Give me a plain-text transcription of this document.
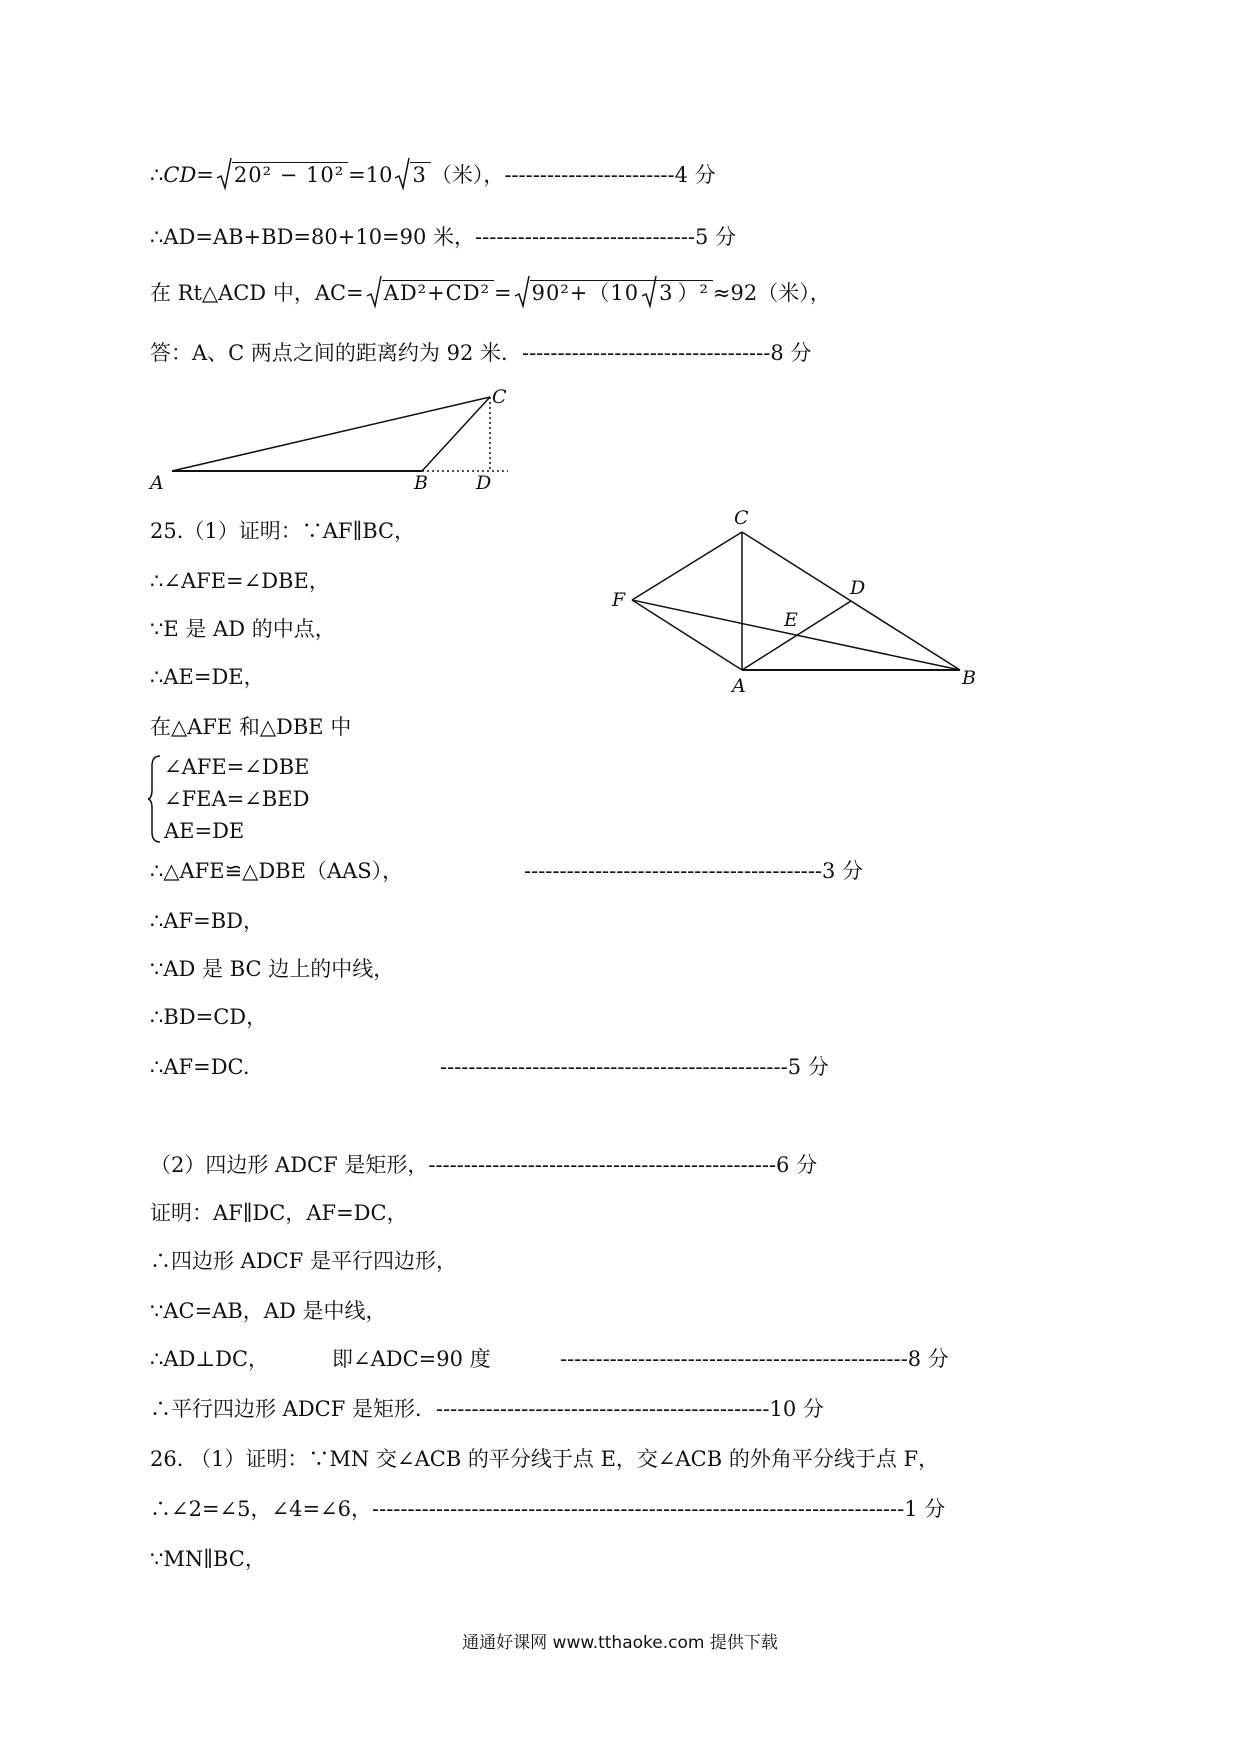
∴CD= 20² − 10² =10 3 （米），------------------------4 分
∴AD=AB+BD=80+10=90 米，-------------------------------5 分
在 Rt△ACD 中，AC= AD²+CD² = 90²+（10 3 ）² ≈92（米），
答：A、C 两点之间的距离约为 92 米．-----------------------------------8 分
A	B	D
C
25.（1）证明：∵AF∥BC，
∴∠AFE=∠DBE，
∵E 是 AD 的中点，
∴AE=DE，
在△AFE 和△DBE 中
C
D
F
E
A	B
∠AFE=∠DBE
∠FEA=∠BED
AE=DE
∴△AFE≌△DBE（AAS），	------------------------------------------3 分
∴AF=BD，
∵AD 是 BC 边上的中线，
∴BD=CD，
∴AF=DC.	-------------------------------------------------5 分
（2）四边形 ADCF 是矩形，-------------------------------------------------6 分
证明：AF∥DC，AF=DC，
∴四边形 ADCF 是平行四边形，
∵AC=AB，AD 是中线，
∴AD⊥DC，	即∠ADC=90 度	-------------------------------------------------8 分
∴平行四边形 ADCF 是矩形．-----------------------------------------------10 分
26. （1）证明：∵MN 交∠ACB 的平分线于点 E，交∠ACB 的外角平分线于点 F，
∴∠2=∠5，∠4=∠6，---------------------------------------------------------------------------1 分
∵MN∥BC，
通通好课网 www.tthaoke.com 提供下载
